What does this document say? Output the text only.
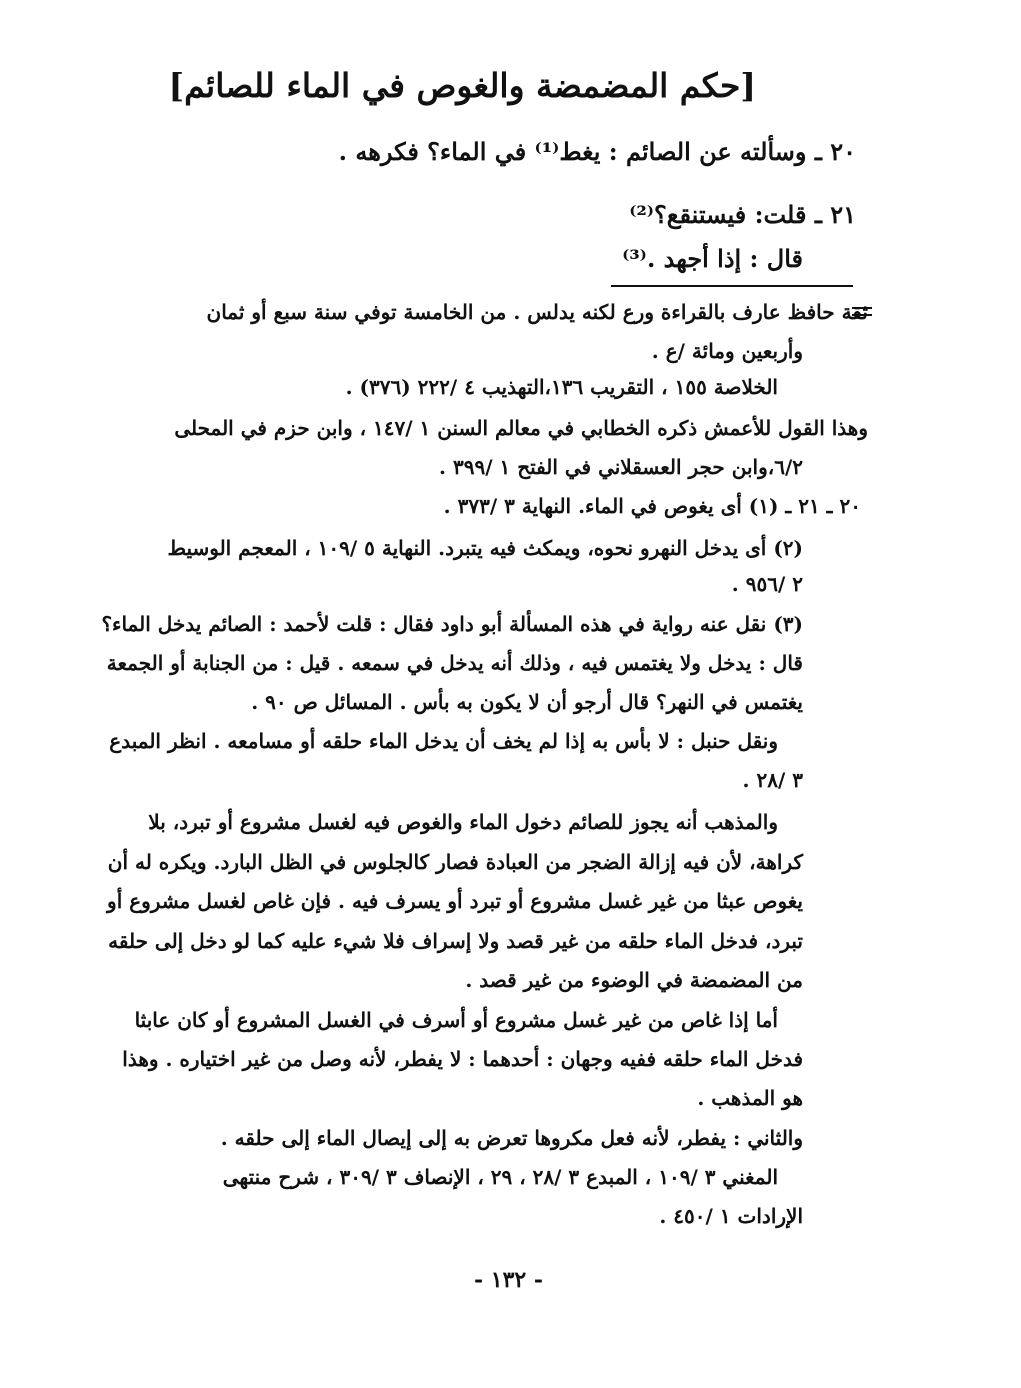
[حكم المضمضة والغوص في الماء للصائم]
٢٠ ـ وسألته عن الصائم : يغط⁽¹⁾ في الماء؟ فكرهه .
٢١ ـ قلت: فيستنقع؟⁽²⁾
قال : إذا أجهد .⁽³⁾
ثقة حافظ عارف بالقراءة ورع لكنه يدلس . من الخامسة توفي سنة سبع أو ثمان
وأربعين ومائة /ع .
الخلاصة ١٥٥ ، التقريب ١٣٦،التهذيب ٤ /٢٢٢ (٣٧٦) .
وهذا القول للأعمش ذكره الخطابي في معالم السنن ١ /١٤٧ ، وابن حزم في المحلى
٦/٢،وابن حجر العسقلاني في الفتح ١ /٣٩٩ .
٢٠ ـ ٢١ ـ (١) أى يغوص في الماء. النهاية ٣ /٣٧٣ .
(٢) أى يدخل النهرو نحوه، ويمكث فيه يتبرد. النهاية ٥ /١٠٩ ، المعجم الوسيط
٢ /٩٥٦ .
(٣) نقل عنه رواية في هذه المسألة أبو داود فقال : قلت لأحمد : الصائم يدخل الماء؟
قال : يدخل ولا يغتمس فيه ، وذلك أنه يدخل في سمعه . قيل : من الجنابة أو الجمعة
يغتمس في النهر؟ قال أرجو أن لا يكون به بأس . المسائل ص ٩٠ .
ونقل حنبل : لا بأس به إذا لم يخف أن يدخل الماء حلقه أو مسامعه . انظر المبدع
٣ /٢٨ .
والمذهب أنه يجوز للصائم دخول الماء والغوص فيه لغسل مشروع أو تبرد، بلا
كراهة، لأن فيه إزالة الضجر من العبادة فصار كالجلوس في الظل البارد. ويكره له أن
يغوص عبثا من غير غسل مشروع أو تبرد أو يسرف فيه . فإن غاص لغسل مشروع أو
تبرد، فدخل الماء حلقه من غير قصد ولا إسراف فلا شيء عليه كما لو دخل إلى حلقه
من المضمضة في الوضوء من غير قصد .
أما إذا غاص من غير غسل مشروع أو أسرف في الغسل المشروع أو كان عابثا
فدخل الماء حلقه ففيه وجهان : أحدهما : لا يفطر، لأنه وصل من غير اختياره . وهذا
هو المذهب .
والثاني : يفطر، لأنه فعل مكروها تعرض به إلى إيصال الماء إلى حلقه .
المغني ٣ /١٠٩ ، المبدع ٣ /٢٨ ، ٢٩ ، الإنصاف ٣ /٣٠٩ ، شرح منتهى
الإرادات ١ /٤٥٠ .
- ١٣٢ -
